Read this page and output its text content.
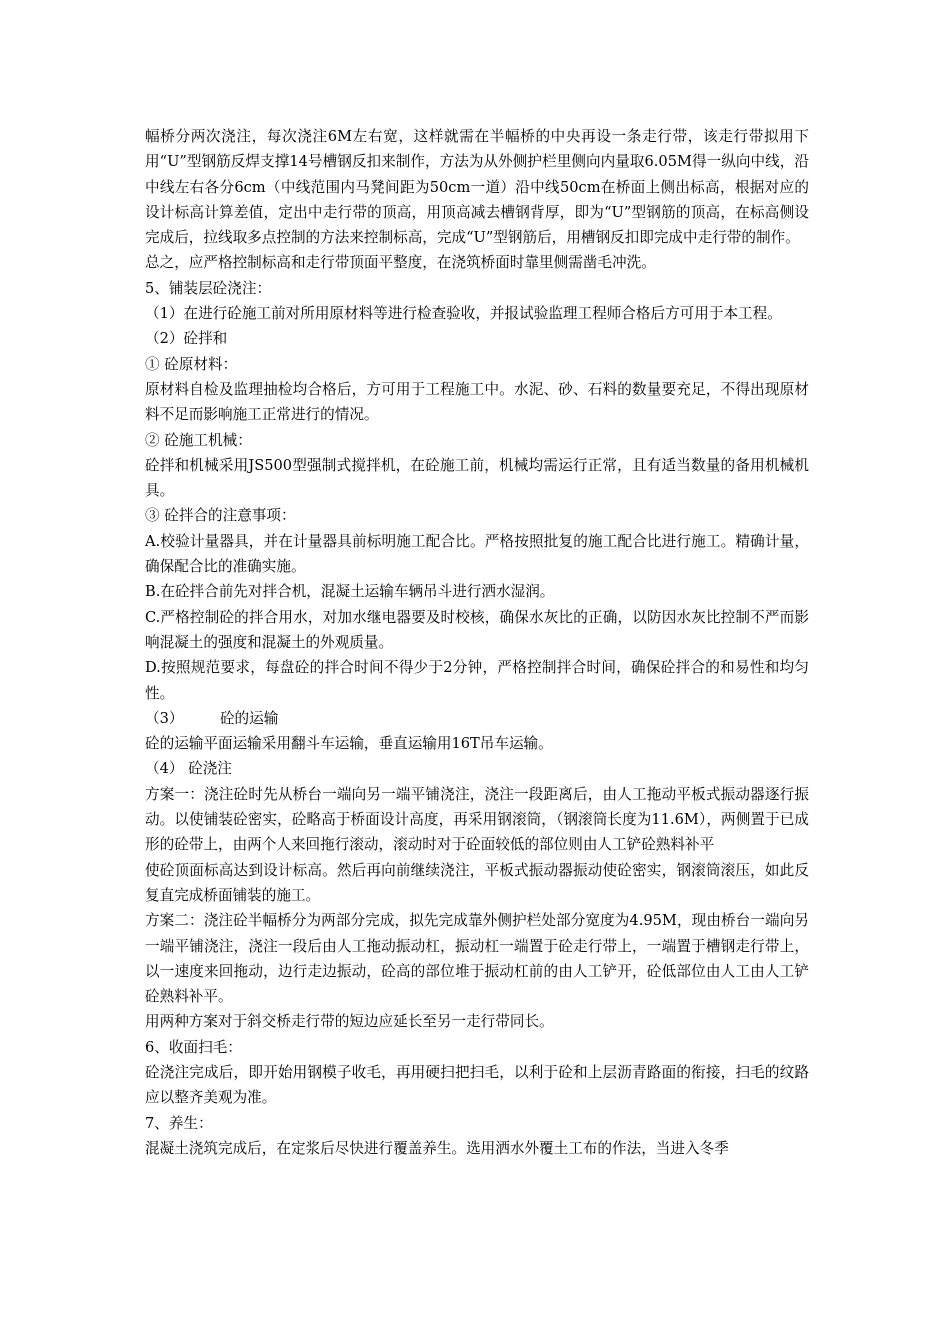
幅桥分两次浇注，每次浇注6M左右宽，这样就需在半幅桥的中央再设一条走行带，该走行带拟用下用“U”型钢筋反焊支撑14号槽钢反扣来制作，方法为从外侧护栏里侧向内量取6.05M得一纵向中线，沿中线左右各分6cm（中线范围内马凳间距为50cm一道）沿中线50cm在桥面上侧出标高，根据对应的设计标高计算差值，定出中走行带的顶高，用顶高减去槽钢背厚，即为“U”型钢筋的顶高，在标高侧设完成后，拉线取多点控制的方法来控制标高，完成“U”型钢筋后，用槽钢反扣即完成中走行带的制作。

总之，应严格控制标高和走行带顶面平整度，在浇筑桥面时靠里侧需凿毛冲洗。

5、铺装层砼浇注：

（1）在进行砼施工前对所用原材料等进行检查验收，并报试验监理工程师合格后方可用于本工程。

（2）砼拌和

① 砼原材料：

原材料自检及监理抽检均合格后，方可用于工程施工中。水泥、砂、石料的数量要充足，不得出现原材料不足而影响施工正常进行的情况。

② 砼施工机械：

砼拌和机械采用JS500型强制式搅拌机，在砼施工前，机械均需运行正常，且有适当数量的备用机械机具。

③ 砼拌合的注意事项：

A.校验计量器具，并在计量器具前标明施工配合比。严格按照批复的施工配合比进行施工。精确计量，确保配合比的准确实施。

B.在砼拌合前先对拌合机，混凝土运输车辆吊斗进行洒水湿润。

C.严格控制砼的拌合用水，对加水继电器要及时校核，确保水灰比的正确，以防因水灰比控制不严而影响混凝土的强度和混凝土的外观质量。

D.按照规范要求，每盘砼的拌合时间不得少于2分钟，严格控制拌合时间，确保砼拌合的和易性和均匀性。

（3）　　　砼的运输

砼的运输平面运输采用翻斗车运输，垂直运输用16T吊车运输。

（4） 砼浇注

方案一：浇注砼时先从桥台一端向另一端平铺浇注，浇注一段距离后，由人工拖动平板式振动器逐行振动。以使铺装砼密实，砼略高于桥面设计高度，再采用钢滚筒，（钢滚筒长度为11.6M），两侧置于已成形的砼带上，由两个人来回拖行滚动，滚动时对于砼面较低的部位则由人工铲砼熟料补平

使砼顶面标高达到设计标高。然后再向前继续浇注，平板式振动器振动使砼密实，钢滚筒滚压，如此反复直完成桥面铺装的施工。

方案二：浇注砼半幅桥分为两部分完成，拟先完成靠外侧护栏处部分宽度为4.95M，现由桥台一端向另一端平铺浇注，浇注一段后由人工拖动振动杠，振动杠一端置于砼走行带上，一端置于槽钢走行带上，以一速度来回拖动，边行走边振动，砼高的部位堆于振动杠前的由人工铲开，砼低部位由人工由人工铲砼熟料补平。

用两种方案对于斜交桥走行带的短边应延长至另一走行带同长。

6、收面扫毛：

砼浇注完成后，即开始用钢模子收毛，再用硬扫把扫毛，以利于砼和上层沥青路面的衔接，扫毛的纹路应以整齐美观为准。

7、养生：

混凝土浇筑完成后，在定浆后尽快进行覆盖养生。选用洒水外覆土工布的作法，当进入冬季
